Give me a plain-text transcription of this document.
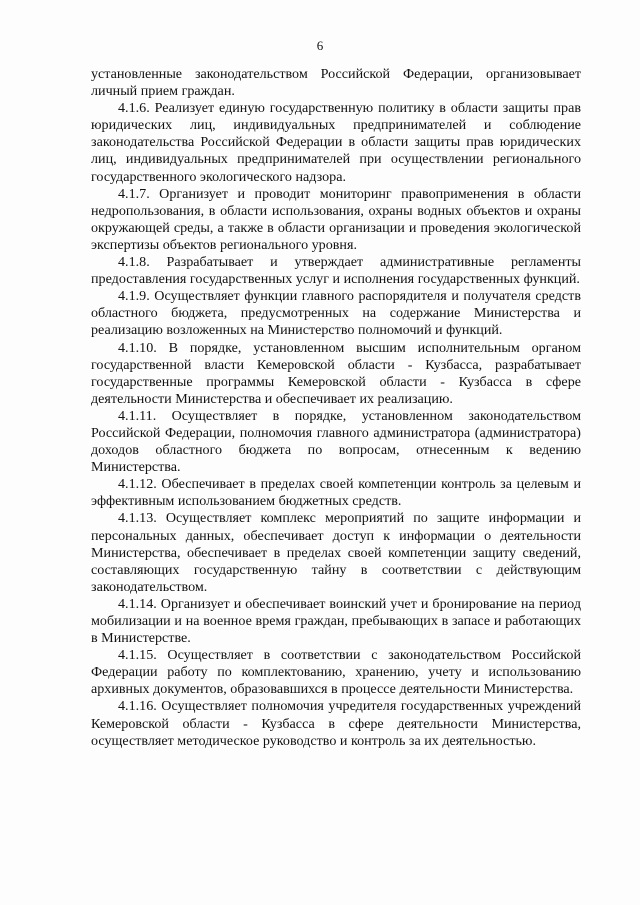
6

установленные законодательством Российской Федерации, организовывает личный прием граждан.

4.1.6. Реализует единую государственную политику в области защиты прав юридических лиц, индивидуальных предпринимателей и соблюдение законодательства Российской Федерации в области защиты прав юридических лиц, индивидуальных предпринимателей при осуществлении регионального государственного экологического надзора.

4.1.7. Организует и проводит мониторинг правоприменения в области недропользования, в области использования, охраны водных объектов и охраны окружающей среды, а также в области организации и проведения экологической экспертизы объектов регионального уровня.

4.1.8. Разрабатывает и утверждает административные регламенты предоставления государственных услуг и исполнения государственных функций.

4.1.9. Осуществляет функции главного распорядителя и получателя средств областного бюджета, предусмотренных на содержание Министерства и реализацию возложенных на Министерство полномочий и функций.

4.1.10. В порядке, установленном высшим исполнительным органом государственной власти Кемеровской области - Кузбасса, разрабатывает государственные программы Кемеровской области - Кузбасса в сфере деятельности Министерства и обеспечивает их реализацию.

4.1.11. Осуществляет в порядке, установленном законодательством Российской Федерации, полномочия главного администратора (администратора) доходов областного бюджета по вопросам, отнесенным к ведению Министерства.

4.1.12. Обеспечивает в пределах своей компетенции контроль за целевым и эффективным использованием бюджетных средств.

4.1.13. Осуществляет комплекс мероприятий по защите информации и персональных данных, обеспечивает доступ к информации о деятельности Министерства, обеспечивает в пределах своей компетенции защиту сведений, составляющих государственную тайну в соответствии с действующим законодательством.

4.1.14. Организует и обеспечивает воинский учет и бронирование на период мобилизации и на военное время граждан, пребывающих в запасе и работающих в Министерстве.

4.1.15. Осуществляет в соответствии с законодательством Российской Федерации работу по комплектованию, хранению, учету и использованию архивных документов, образовавшихся в процессе деятельности Министерства.

4.1.16. Осуществляет полномочия учредителя государственных учреждений Кемеровской области - Кузбасса в сфере деятельности Министерства, осуществляет методическое руководство и контроль за их деятельностью.
